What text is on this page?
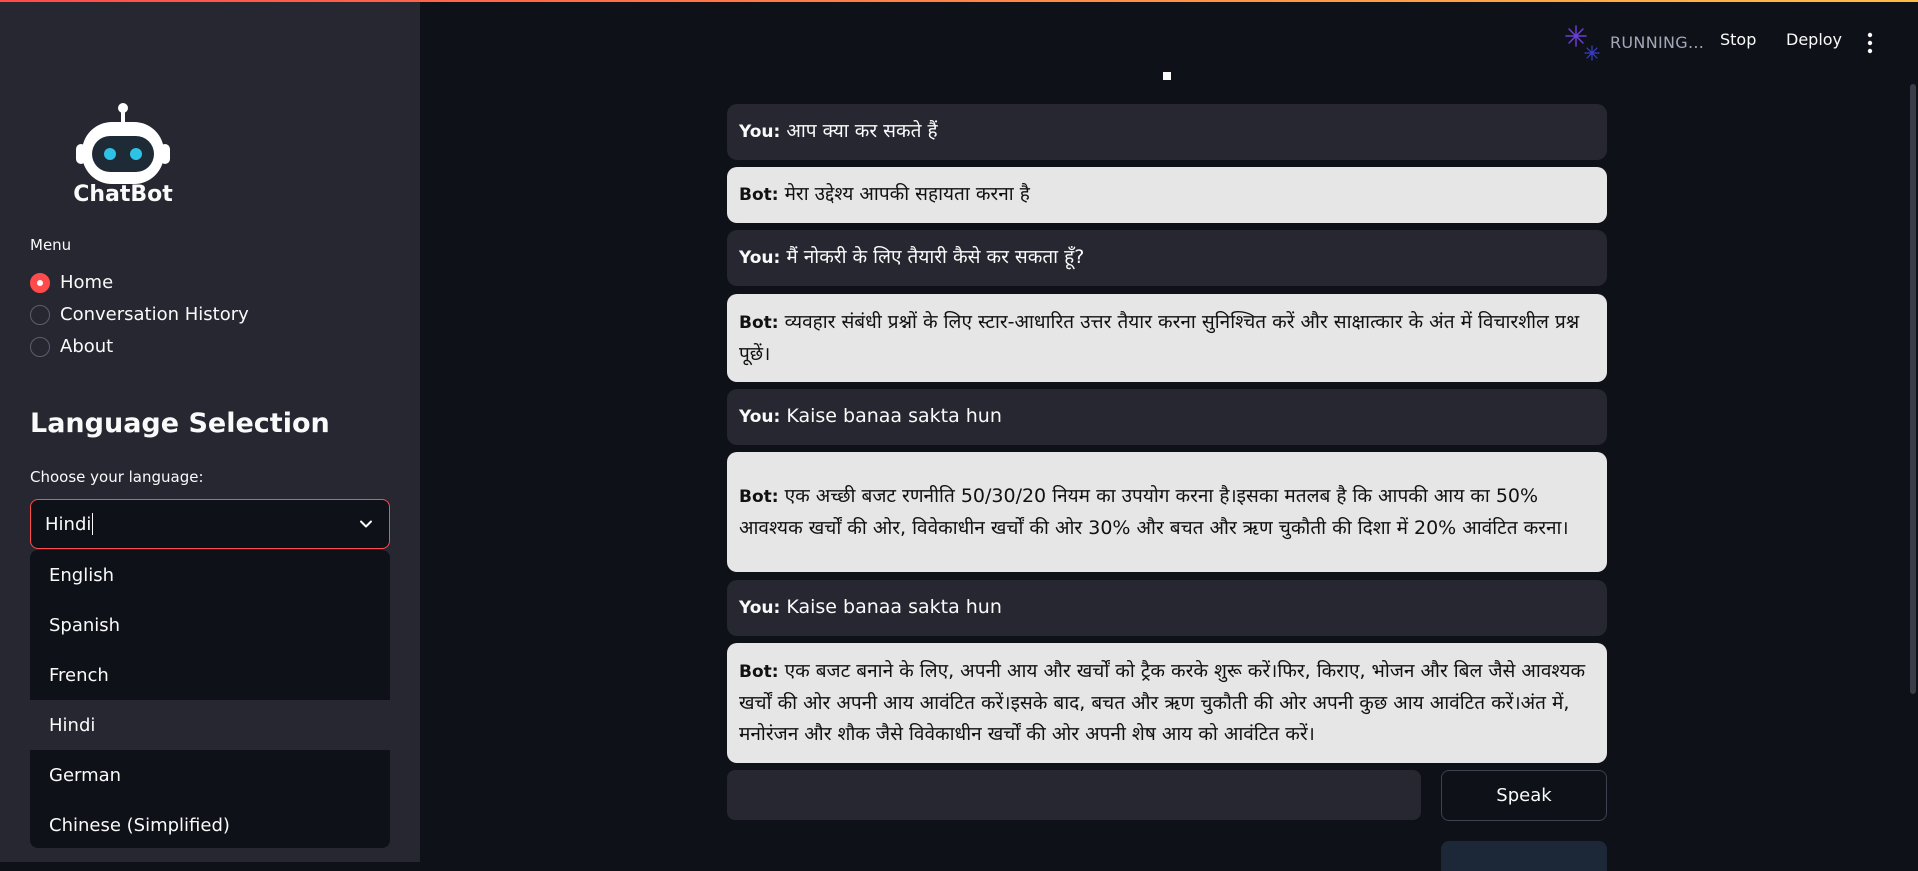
ChatBot
Menu
Home
Conversation History
About
Language Selection
Choose your language:
Hindi
English
Spanish
French
Hindi
German
Chinese (Simplified)
RUNNING... Stop Deploy
You: आप क्या कर सकते हैं
Bot: मेरा उद्देश्य आपकी सहायता करना है
You: मैं नोकरी के लिए तैयारी कैसे कर सकता हूँ?
Bot: व्यवहार संबंधी प्रश्नों के लिए स्टार-आधारित उत्तर तैयार करना सुनिश्चित करें और साक्षात्कार के अंत में विचारशील प्रश्न पूछें।
You: Kaise banaa sakta hun
Bot: एक अच्छी बजट रणनीति 50/30/20 नियम का उपयोग करना है।इसका मतलब है कि आपकी आय का 50% आवश्यक खर्चों की ओर, विवेकाधीन खर्चों की ओर 30% और बचत और ऋण चुकौती की दिशा में 20% आवंटित करना।
You: Kaise banaa sakta hun
Bot: एक बजट बनाने के लिए, अपनी आय और खर्चों को ट्रैक करके शुरू करें।फिर, किराए, भोजन और बिल जैसे आवश्यक खर्चों की ओर अपनी आय आवंटित करें।इसके बाद, बचत और ऋण चुकौती की ओर अपनी कुछ आय आवंटित करें।अंत में, मनोरंजन और शौक जैसे विवेकाधीन खर्चों की ओर अपनी शेष आय को आवंटित करें।
Speak
